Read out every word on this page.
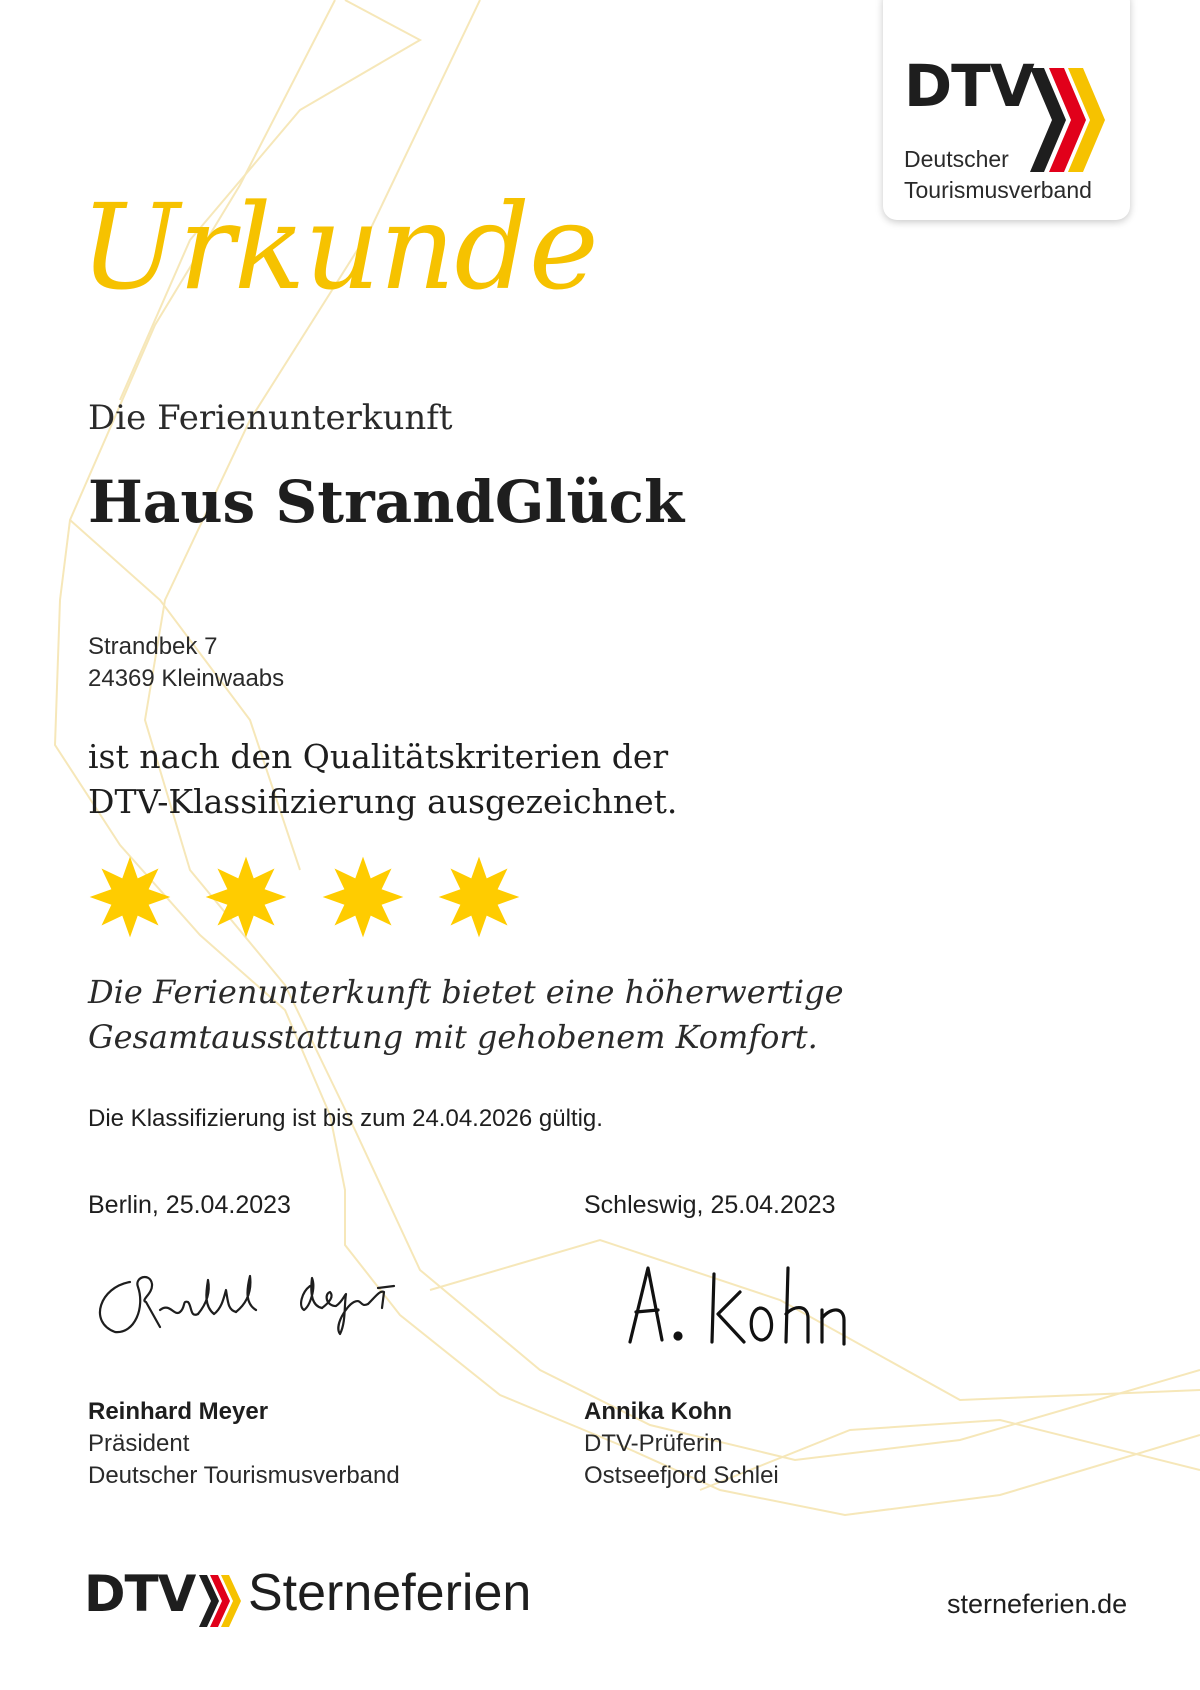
DTV
Deutscher
Tourismusverband
Urkunde
Die Ferienunterkunft
Haus StrandGlück
Strandbek 7
24369 Kleinwaabs
ist nach den Qualitätskriterien der
DTV-Klassifizierung ausgezeichnet.

Die Ferienunterkunft bietet eine höherwertige
Gesamtausstattung mit gehobenem Komfort.
Die Klassifizierung ist bis zum 24.04.2026 gültig.
Berlin, 25.04.2023	Schleswig, 25.04.2023
Reinhard Meyer
Präsident
Deutscher Tourismusverband
Annika Kohn
DTV-Prüferin
Ostseefjord Schlei
DTV Sterneferien	sterneferien.de
